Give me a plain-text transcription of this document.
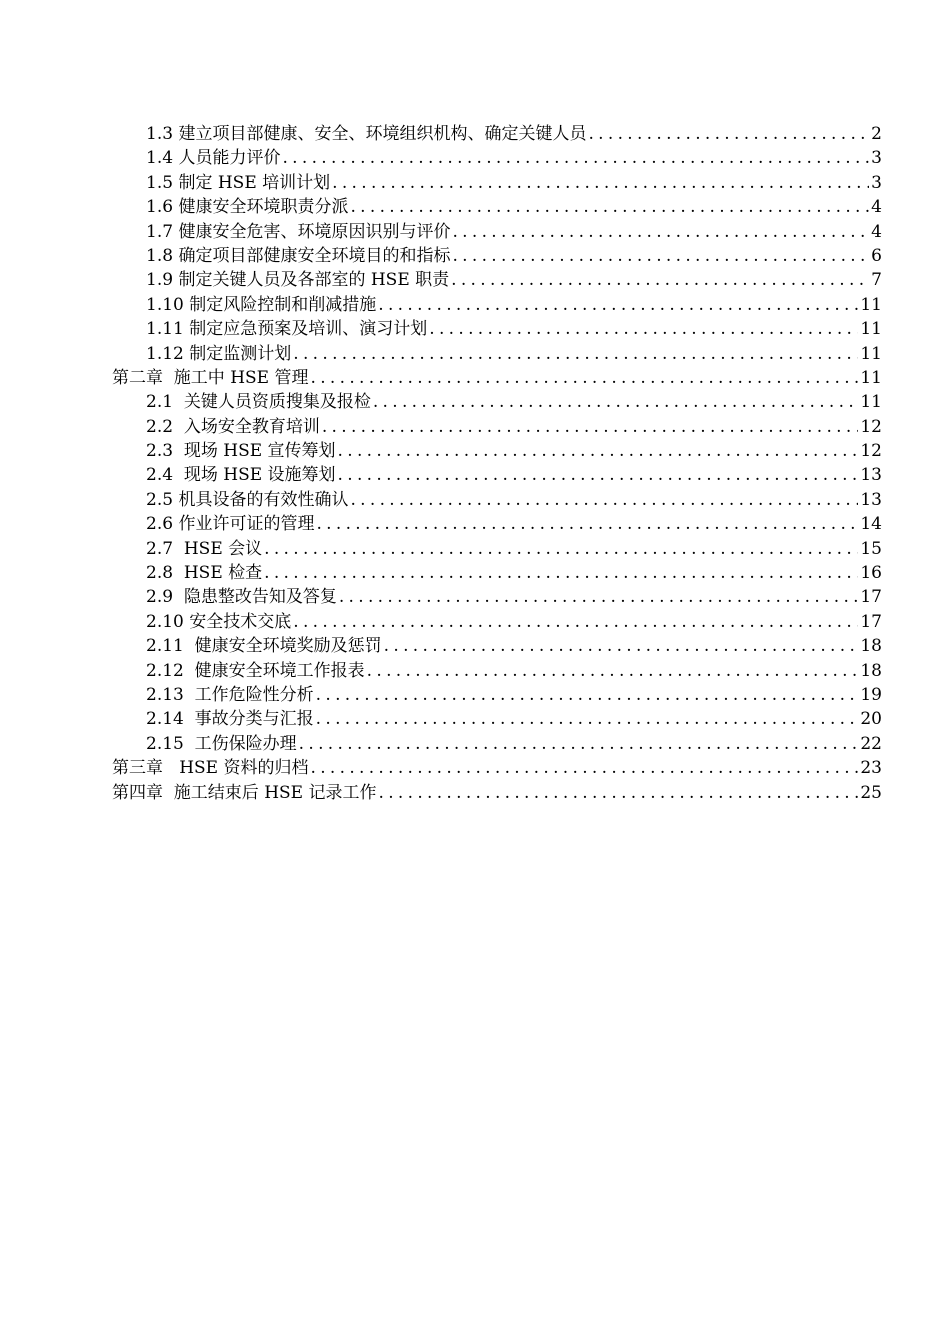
1.3 建立项目部健康、安全、环境组织机构、确定关键人员 .....	2
1.4 人员能力评价 .....	3
1.5 制定 HSE 培训计划 .....	3
1.6 健康安全环境职责分派 .....	4
1.7 健康安全危害、环境原因识别与评价 .....	4
1.8 确定项目部健康安全环境目的和指标 .....	6
1.9 制定关键人员及各部室的 HSE 职责 .....	7
1.10 制定风险控制和削减措施 .....	11
1.11 制定应急预案及培训、演习计划 .....	11
1.12 制定监测计划 .....	11
第二章  施工中 HSE 管理 .....	11
2.1  关键人员资质搜集及报检 .....	11
2.2  入场安全教育培训 .....	12
2.3  现场 HSE 宣传筹划 .....	12
2.4  现场 HSE 设施筹划 .....	13
2.5 机具设备的有效性确认 .....	13
2.6 作业许可证的管理 .....	14
2.7  HSE 会议 .....	15
2.8  HSE 检查 .....	16
2.9  隐患整改告知及答复 .....	17
2.10 安全技术交底 .....	17
2.11  健康安全环境奖励及惩罚 .....	18
2.12  健康安全环境工作报表 .....	18
2.13  工作危险性分析 .....	19
2.14  事故分类与汇报 .....	20
2.15  工伤保险办理 .....	22
第三章   HSE 资料的归档 .....	23
第四章  施工结束后 HSE 记录工作 .....	25
